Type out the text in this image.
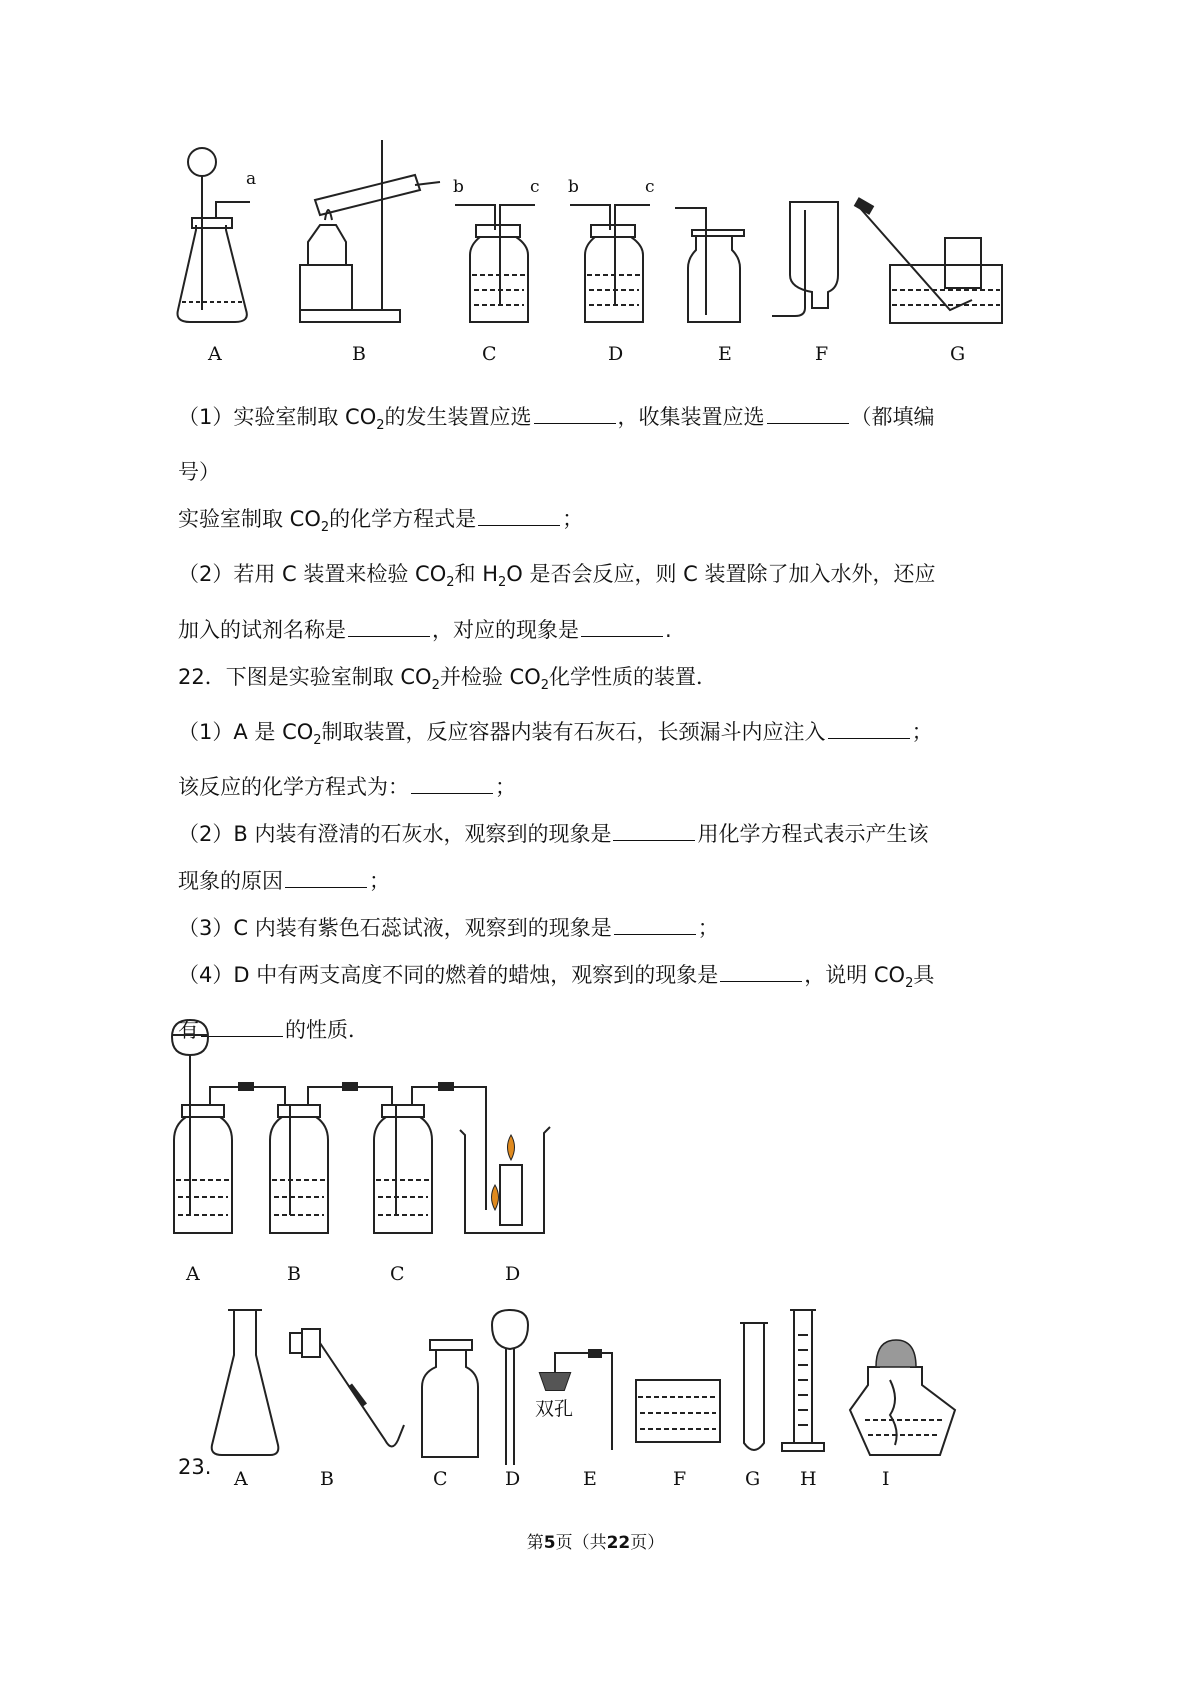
a	b	c b	c
A	B	C	D	E	F	G

（1）实验室制取 $CO_2$的发生装置应选	，收集装置应选	（都填编

号）

实验室制取 $CO_2$的化学方程式是	；

（2）若用 C 装置来检验 $CO_2$和 $H_2O$ 是否会反应，则 C 装置除了加入水外，还应

加入的试剂名称是	，对应的现象是	.

22．下图是实验室制取 $CO_2$并检验 $CO_2$化学性质的装置．

（1）A 是 $CO_2$制取装置，反应容器内装有石灰石，长颈漏斗内应注入	；

该反应的化学方程式为：	；

（2）B 内装有澄清的石灰水，观察到的现象是	用化学方程式表示产生该

现象的原因	；

（3）C 内装有紫色石蕊试液，观察到的现象是	；

（4）D 中有两支高度不同的燃着的蜡烛，观察到的现象是	，说明 $CO_2$具

有	的性质．

A	B	C	D
双孔
A	B	C	D	E	F	G H	I
23.
第5页（共22页）
